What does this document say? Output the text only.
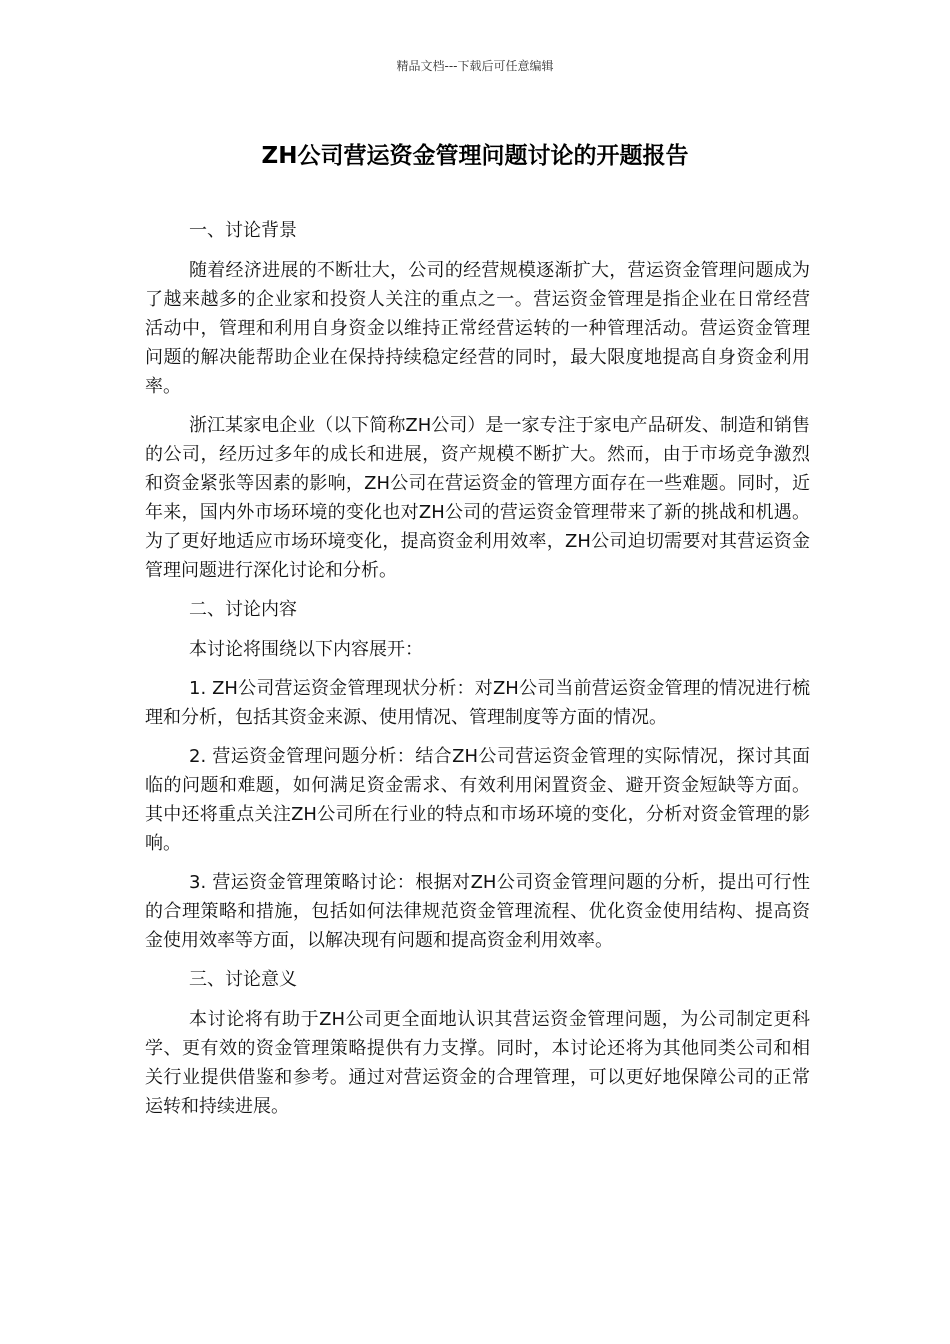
精品文档---下载后可任意编辑
ZH公司营运资金管理问题讨论的开题报告

一、讨论背景

随着经济进展的不断壮大，公司的经营规模逐渐扩大，营运资金管理问题成为了越来越多的企业家和投资人关注的重点之一。营运资金管理是指企业在日常经营活动中，管理和利用自身资金以维持正常经营运转的一种管理活动。营运资金管理问题的解决能帮助企业在保持持续稳定经营的同时，最大限度地提高自身资金利用率。

浙江某家电企业（以下简称ZH公司）是一家专注于家电产品研发、制造和销售的公司，经历过多年的成长和进展，资产规模不断扩大。然而，由于市场竞争激烈和资金紧张等因素的影响，ZH公司在营运资金的管理方面存在一些难题。同时，近年来，国内外市场环境的变化也对ZH公司的营运资金管理带来了新的挑战和机遇。为了更好地适应市场环境变化，提高资金利用效率，ZH公司迫切需要对其营运资金管理问题进行深化讨论和分析。

二、讨论内容

本讨论将围绕以下内容展开：

1. ZH公司营运资金管理现状分析：对ZH公司当前营运资金管理的情况进行梳理和分析，包括其资金来源、使用情况、管理制度等方面的情况。

2. 营运资金管理问题分析：结合ZH公司营运资金管理的实际情况，探讨其面临的问题和难题，如何满足资金需求、有效利用闲置资金、避开资金短缺等方面。其中还将重点关注ZH公司所在行业的特点和市场环境的变化，分析对资金管理的影响。

3. 营运资金管理策略讨论：根据对ZH公司资金管理问题的分析，提出可行性的合理策略和措施，包括如何法律规范资金管理流程、优化资金使用结构、提高资金使用效率等方面，以解决现有问题和提高资金利用效率。

三、讨论意义

本讨论将有助于ZH公司更全面地认识其营运资金管理问题，为公司制定更科学、更有效的资金管理策略提供有力支撑。同时，本讨论还将为其他同类公司和相关行业提供借鉴和参考。通过对营运资金的合理管理，可以更好地保障公司的正常运转和持续进展。
